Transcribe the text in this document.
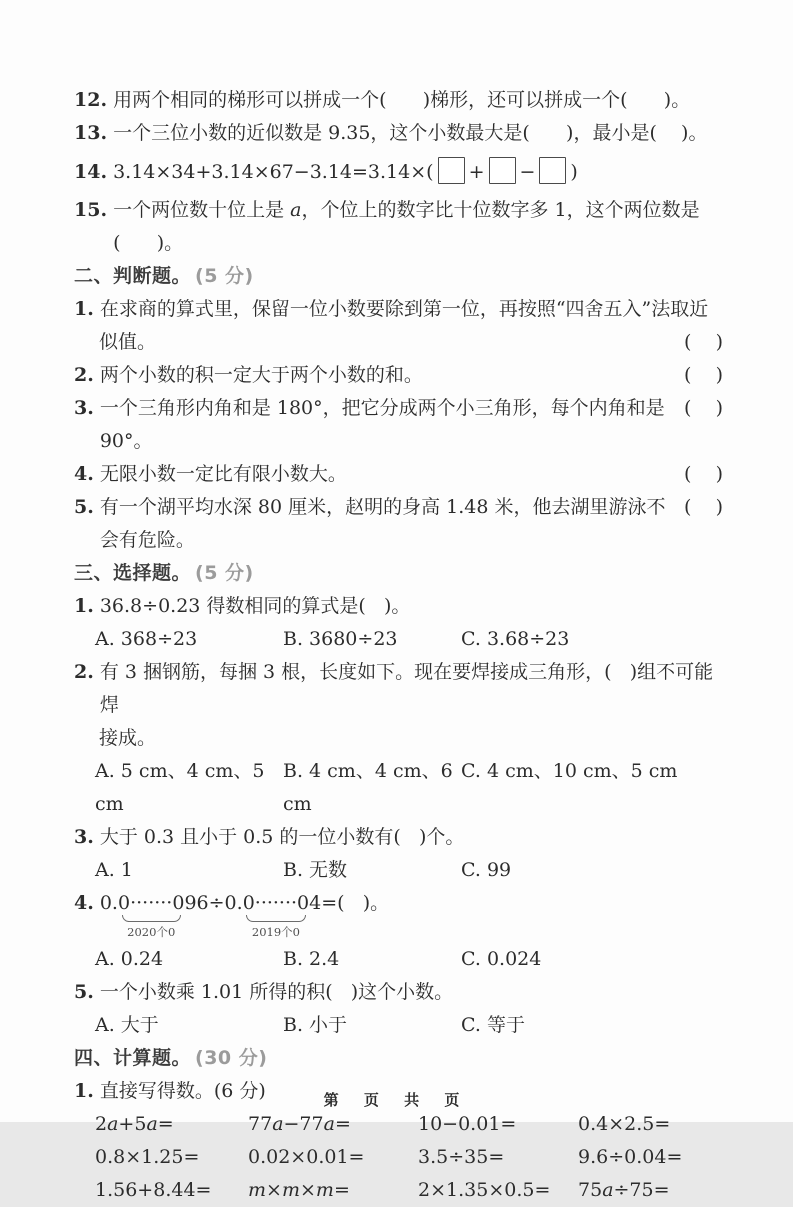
12. 用两个相同的梯形可以拼成一个(      )梯形，还可以拼成一个(      )。
13. 一个三位小数的近似数是 9.35，这个小数最大是(      )，最小是(    )。
14. 3.14×34+3.14×67−3.14=3.14×( + − )
15. 一个两位数十位上是 a，个位上的数字比十位数字多 1，这个两位数是(      )。
二、判断题。 (5 分)
1. 在求商的算式里，保留一位小数要除到第一位，再按照“四舍五入”法取近
似值。	(    )
2. 两个小数的积一定大于两个小数的和。	(    )
3. 一个三角形内角和是 180°，把它分成两个小三角形，每个内角和是 90°。
(    )
4. 无限小数一定比有限小数大。	(    )
5. 有一个湖平均水深 80 厘米，赵明的身高 1.48 米，他去湖里游泳不会有危险。
(    )
三、选择题。 (5 分)
1. 36.8÷0.23 得数相同的算式是(   )。
A. 368÷23	B. 3680÷23	C. 3.68÷23
2. 有 3 捆钢筋，每捆 3 根，长度如下。现在要焊接成三角形，(   )组不可能焊
接成。
A. 5 cm、4 cm、5 cm
B. 4 cm、4 cm、6 cm
C. 4 cm、10 cm、5 cm
3. 大于 0.3 且小于 0.5 的一位小数有(   )个。
A. 1	B. 无数	C. 99
4. 0. 0·······0
2020个0
96÷0. 0·······0
2019个0
4=(   )。
A. 0.24	B. 2.4	C. 0.024
5. 一个小数乘 1.01 所得的积(   )这个小数。
A. 大于	B. 小于	C. 等于
四、计算题。 (30 分)
1. 直接写得数。(6 分)
2a+5a=	77a−77a=	10−0.01=	0.4×2.5=
0.8×1.25=	0.02×0.01=	3.5÷35=	9.6÷0.04=
1.56+8.44=	m×m×m=	2×1.35×0.5=	75a÷75=
第 页 共 页
